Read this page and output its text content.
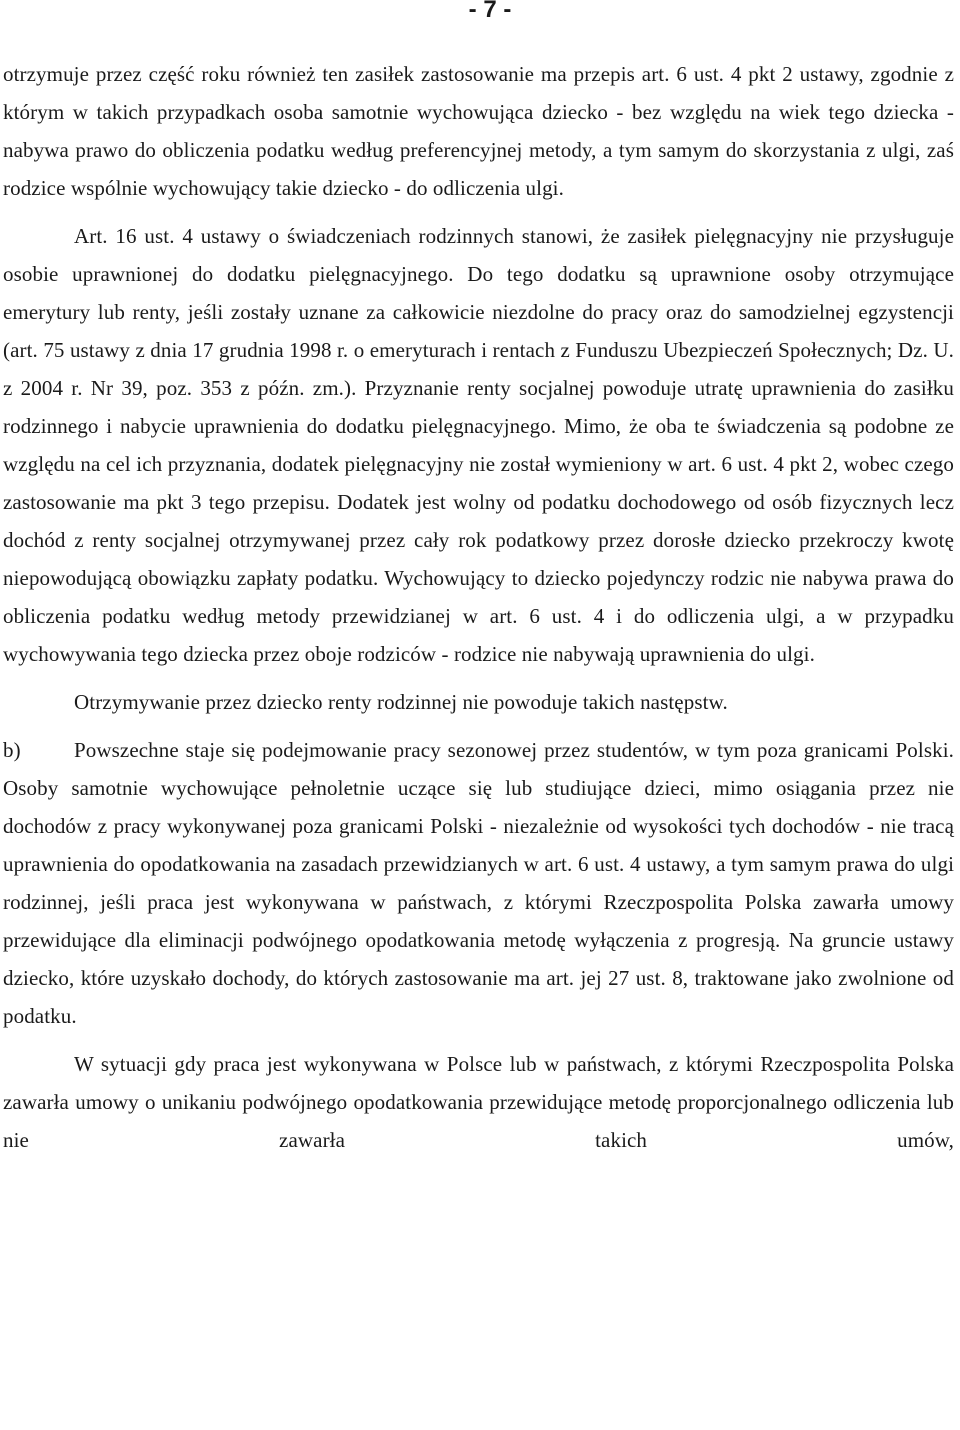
- 7 -

otrzymuje przez część roku również ten zasiłek zastosowanie ma przepis art. 6 ust. 4 pkt 2 ustawy, zgodnie z którym w takich przypadkach osoba samotnie wychowująca dziecko - bez względu na wiek tego dziecka - nabywa prawo do obliczenia podatku według preferencyjnej metody, a tym samym do skorzystania z ulgi, zaś rodzice wspólnie wychowujący takie dziecko - do odliczenia ulgi.

Art. 16 ust. 4 ustawy o świadczeniach rodzinnych stanowi, że zasiłek pielęgnacyjny nie przysługuje osobie uprawnionej do dodatku pielęgnacyjnego. Do tego dodatku są uprawnione osoby otrzymujące emerytury lub renty, jeśli zostały uznane za całkowicie niezdolne do pracy oraz do samodzielnej egzystencji (art. 75 ustawy z dnia 17 grudnia 1998 r. o emeryturach i rentach z Funduszu Ubezpieczeń Społecznych; Dz. U. z 2004 r. Nr 39, poz. 353 z późn. zm.). Przyznanie renty socjalnej powoduje utratę uprawnienia do zasiłku rodzinnego i nabycie uprawnienia do dodatku pielęgnacyjnego. Mimo, że oba te świadczenia są podobne ze względu na cel ich przyznania, dodatek pielęgnacyjny nie został wymieniony w art. 6 ust. 4 pkt 2, wobec czego zastosowanie ma pkt 3 tego przepisu. Dodatek jest wolny od podatku dochodowego od osób fizycznych lecz dochód z renty socjalnej otrzymywanej przez cały rok podatkowy przez dorosłe dziecko przekroczy kwotę niepowodującą obowiązku zapłaty podatku. Wychowujący to dziecko pojedynczy rodzic nie nabywa prawa do obliczenia podatku według metody przewidzianej w art. 6 ust. 4 i do odliczenia ulgi, a w przypadku wychowywania tego dziecka przez oboje rodziców - rodzice nie nabywają uprawnienia do ulgi.

Otrzymywanie przez dziecko renty rodzinnej nie powoduje takich następstw.

b)	Powszechne staje się podejmowanie pracy sezonowej przez studentów, w tym poza granicami Polski. Osoby samotnie wychowujące pełnoletnie uczące się lub studiujące dzieci, mimo osiągania przez nie dochodów z pracy wykonywanej poza granicami Polski - niezależnie od wysokości tych dochodów - nie tracą uprawnienia do opodatkowania na zasadach przewidzianych w art. 6 ust. 4 ustawy, a tym samym prawa do ulgi rodzinnej, jeśli praca jest wykonywana w państwach, z którymi Rzeczpospolita Polska zawarła umowy przewidujące dla eliminacji podwójnego opodatkowania metodę wyłączenia z progresją. Na gruncie ustawy dziecko, które uzyskało dochody, do których zastosowanie ma art. jej 27 ust. 8, traktowane jako zwolnione od podatku.

W sytuacji gdy praca jest wykonywana w Polsce lub w państwach, z którymi Rzeczpospolita Polska zawarła umowy o unikaniu podwójnego opodatkowania przewidujące metodę proporcjonalnego odliczenia lub nie zawarła takich umów,
